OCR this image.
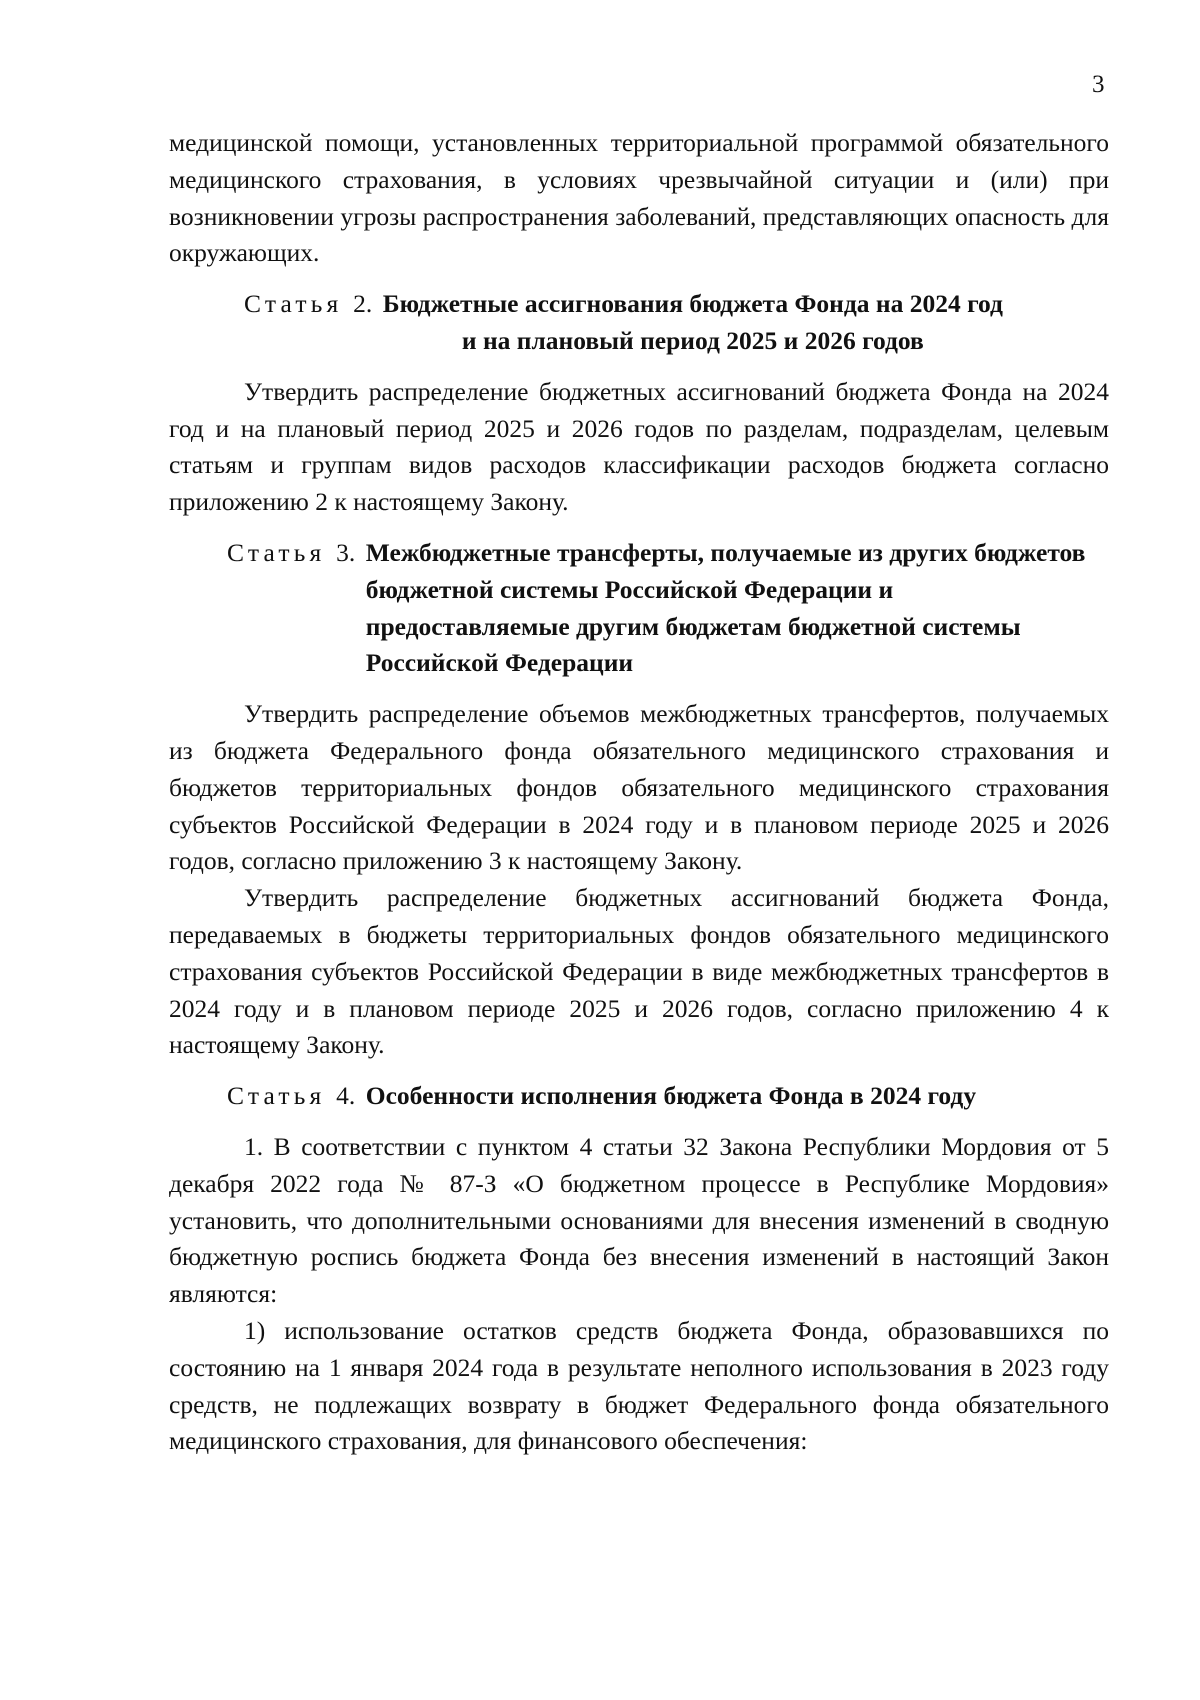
3

медицинской помощи, установленных территориальной программой обязательного медицинского страхования, в условиях чрезвычайной ситуации и (или) при возникновении угрозы распространения заболеваний, представляющих опасность для окружающих.

Статья 2. Бюджетные ассигнования бюджета Фонда на 2024 год
и на плановый период 2025 и 2026 годов

Утвердить распределение бюджетных ассигнований бюджета Фонда на 2024 год и на плановый период 2025 и 2026 годов по разделам, подразделам, целевым статьям и группам видов расходов классификации расходов бюджета согласно приложению 2 к настоящему Закону.

Статья 3. Межбюджетные трансферты, получаемые из других бюджетов бюджетной системы Российской Федерации и предоставляемые другим бюджетам бюджетной системы Российской Федерации

Утвердить распределение объемов межбюджетных трансфертов, получаемых из бюджета Федерального фонда обязательного медицинского страхования и бюджетов территориальных фондов обязательного медицинского страхования субъектов Российской Федерации в 2024 году и в плановом периоде 2025 и 2026 годов, согласно приложению 3 к настоящему Закону.

Утвердить распределение бюджетных ассигнований бюджета Фонда, передаваемых в бюджеты территориальных фондов обязательного медицинского страхования субъектов Российской Федерации в виде межбюджетных трансфертов в 2024 году и в плановом периоде 2025 и 2026 годов, согласно приложению 4 к настоящему Закону.

Статья 4. Особенности исполнения бюджета Фонда в 2024 году

1. В соответствии с пунктом 4 статьи 32 Закона Республики Мордовия от 5 декабря 2022 года № 87-З «О бюджетном процессе в Республике Мордовия» установить, что дополнительными основаниями для внесения изменений в сводную бюджетную роспись бюджета Фонда без внесения изменений в настоящий Закон являются:

1) использование остатков средств бюджета Фонда, образовавшихся по состоянию на 1 января 2024 года в результате неполного использования в 2023 году средств, не подлежащих возврату в бюджет Федерального фонда обязательного медицинского страхования, для финансового обеспечения:
